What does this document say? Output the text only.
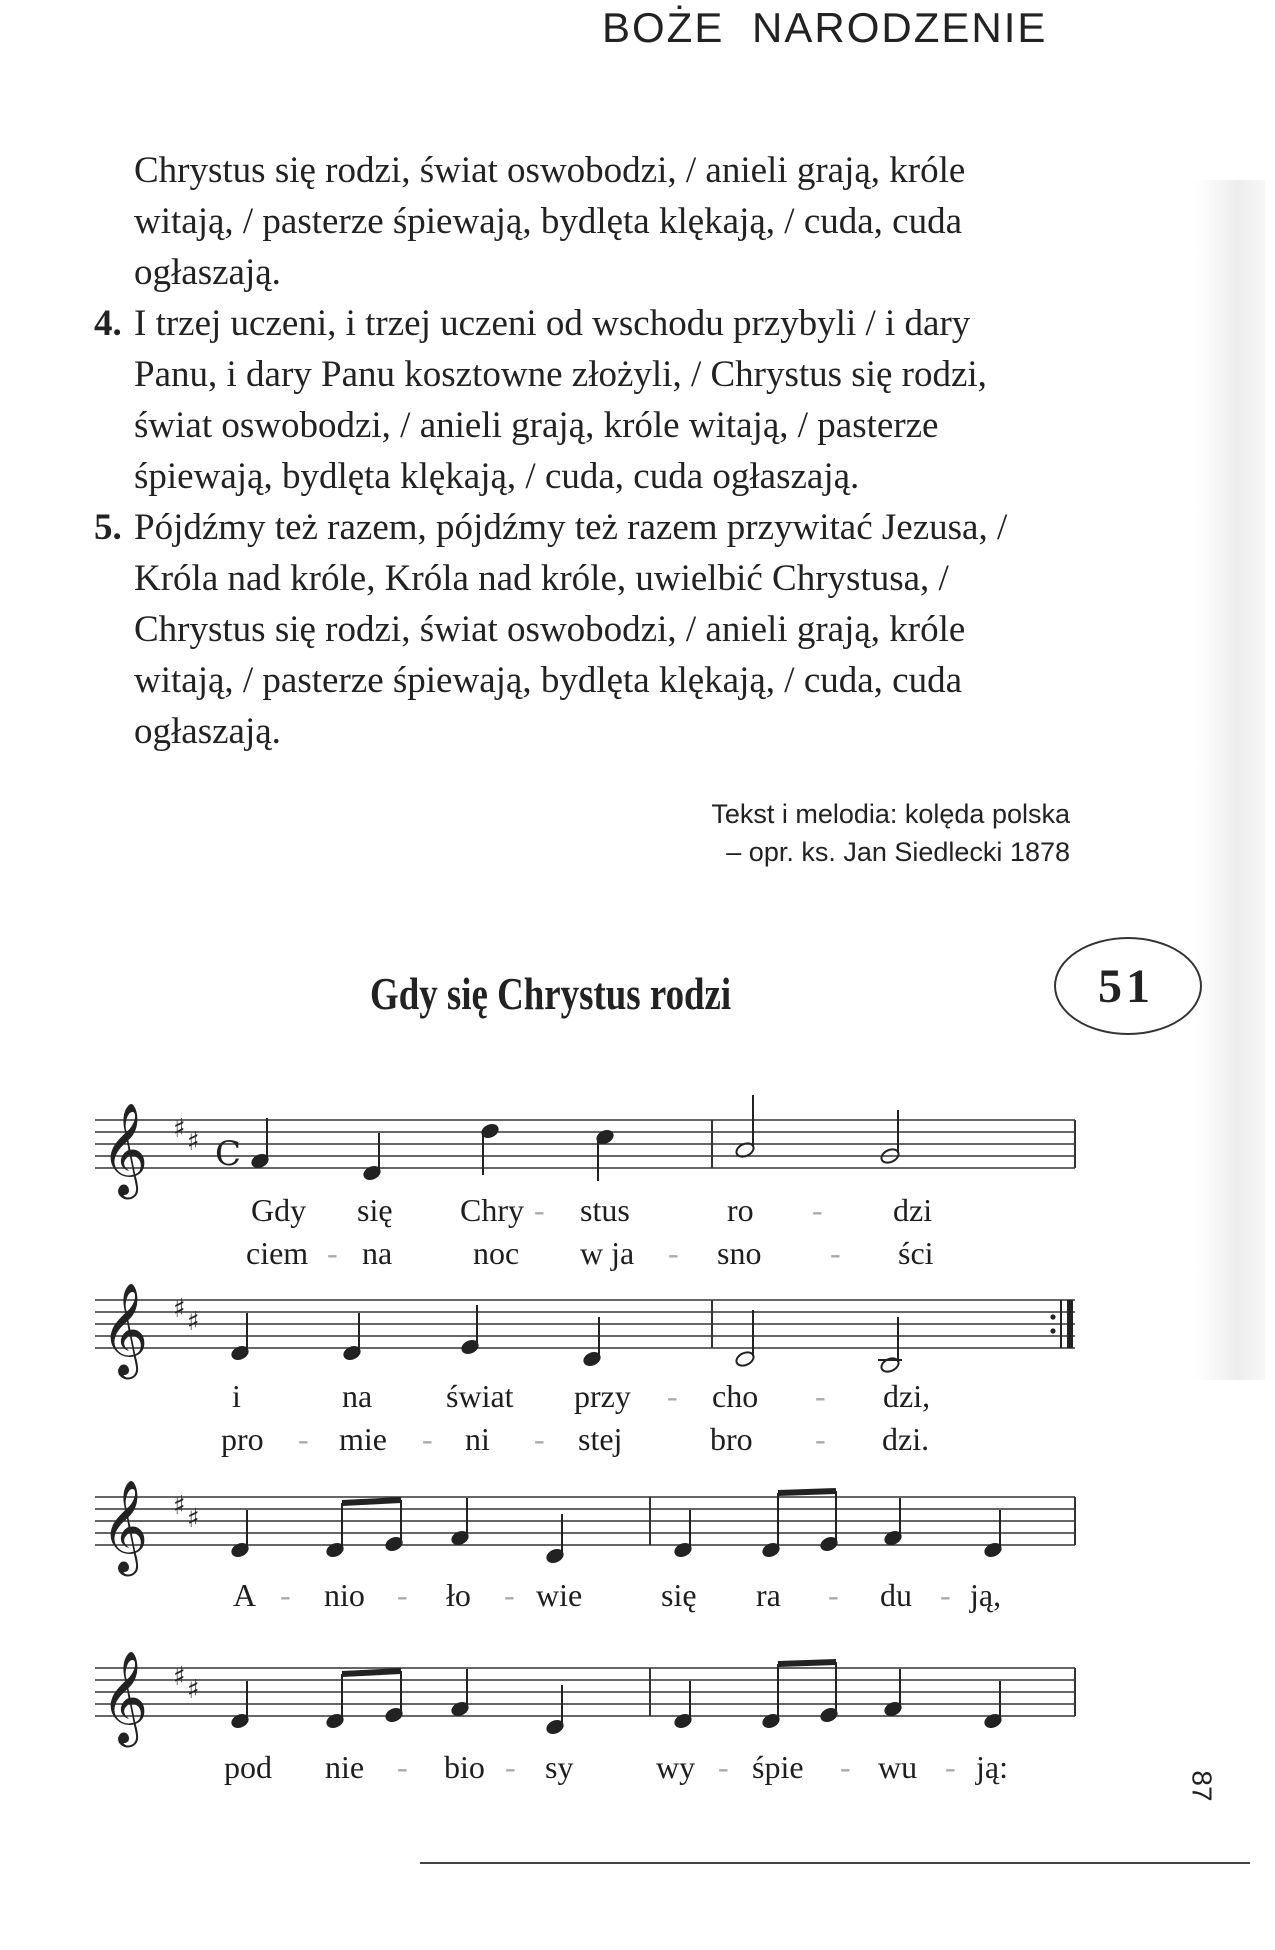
BOŻE NARODZENIE
Chrystus się rodzi, świat oswobodzi, / anieli grają, króle
witają, / pasterze śpiewają, bydlęta klękają, / cuda, cuda
ogłaszają.
4. I trzej uczeni, i trzej uczeni od wschodu przybyli / i dary
Panu, i dary Panu kosztowne złożyli, / Chrystus się rodzi,
świat oswobodzi, / anieli grają, króle witają, / pasterze
śpiewają, bydlęta klękają, / cuda, cuda ogłaszają.
5. Pójdźmy też razem, pójdźmy też razem przywitać Jezusa, /
Króla nad króle, Króla nad króle, uwielbić Chrystusa, /
Chrystus się rodzi, świat oswobodzi, / anieli grają, króle
witają, / pasterze śpiewają, bydlęta klękają, / cuda, cuda
ogłaszają.
Tekst i melodia: kolęda polska
– opr. ks. Jan Siedlecki 1878
Gdy się Chrystus rodzi	51
𝄞 ♯ ♯ C
Gdy się Chry - stus	ro - dzi
ciem - na	noc w ja - sno - ści
𝄞 ♯ ♯
i	na świat przy - cho - dzi,
pro - mie - ni - stej	bro - dzi.
𝄞 ♯ ♯
A - nio - ło - wie się ra - du - ją,
𝄞 ♯ ♯
pod nie - bio - sy	wy - śpie - wu - ją:
87
